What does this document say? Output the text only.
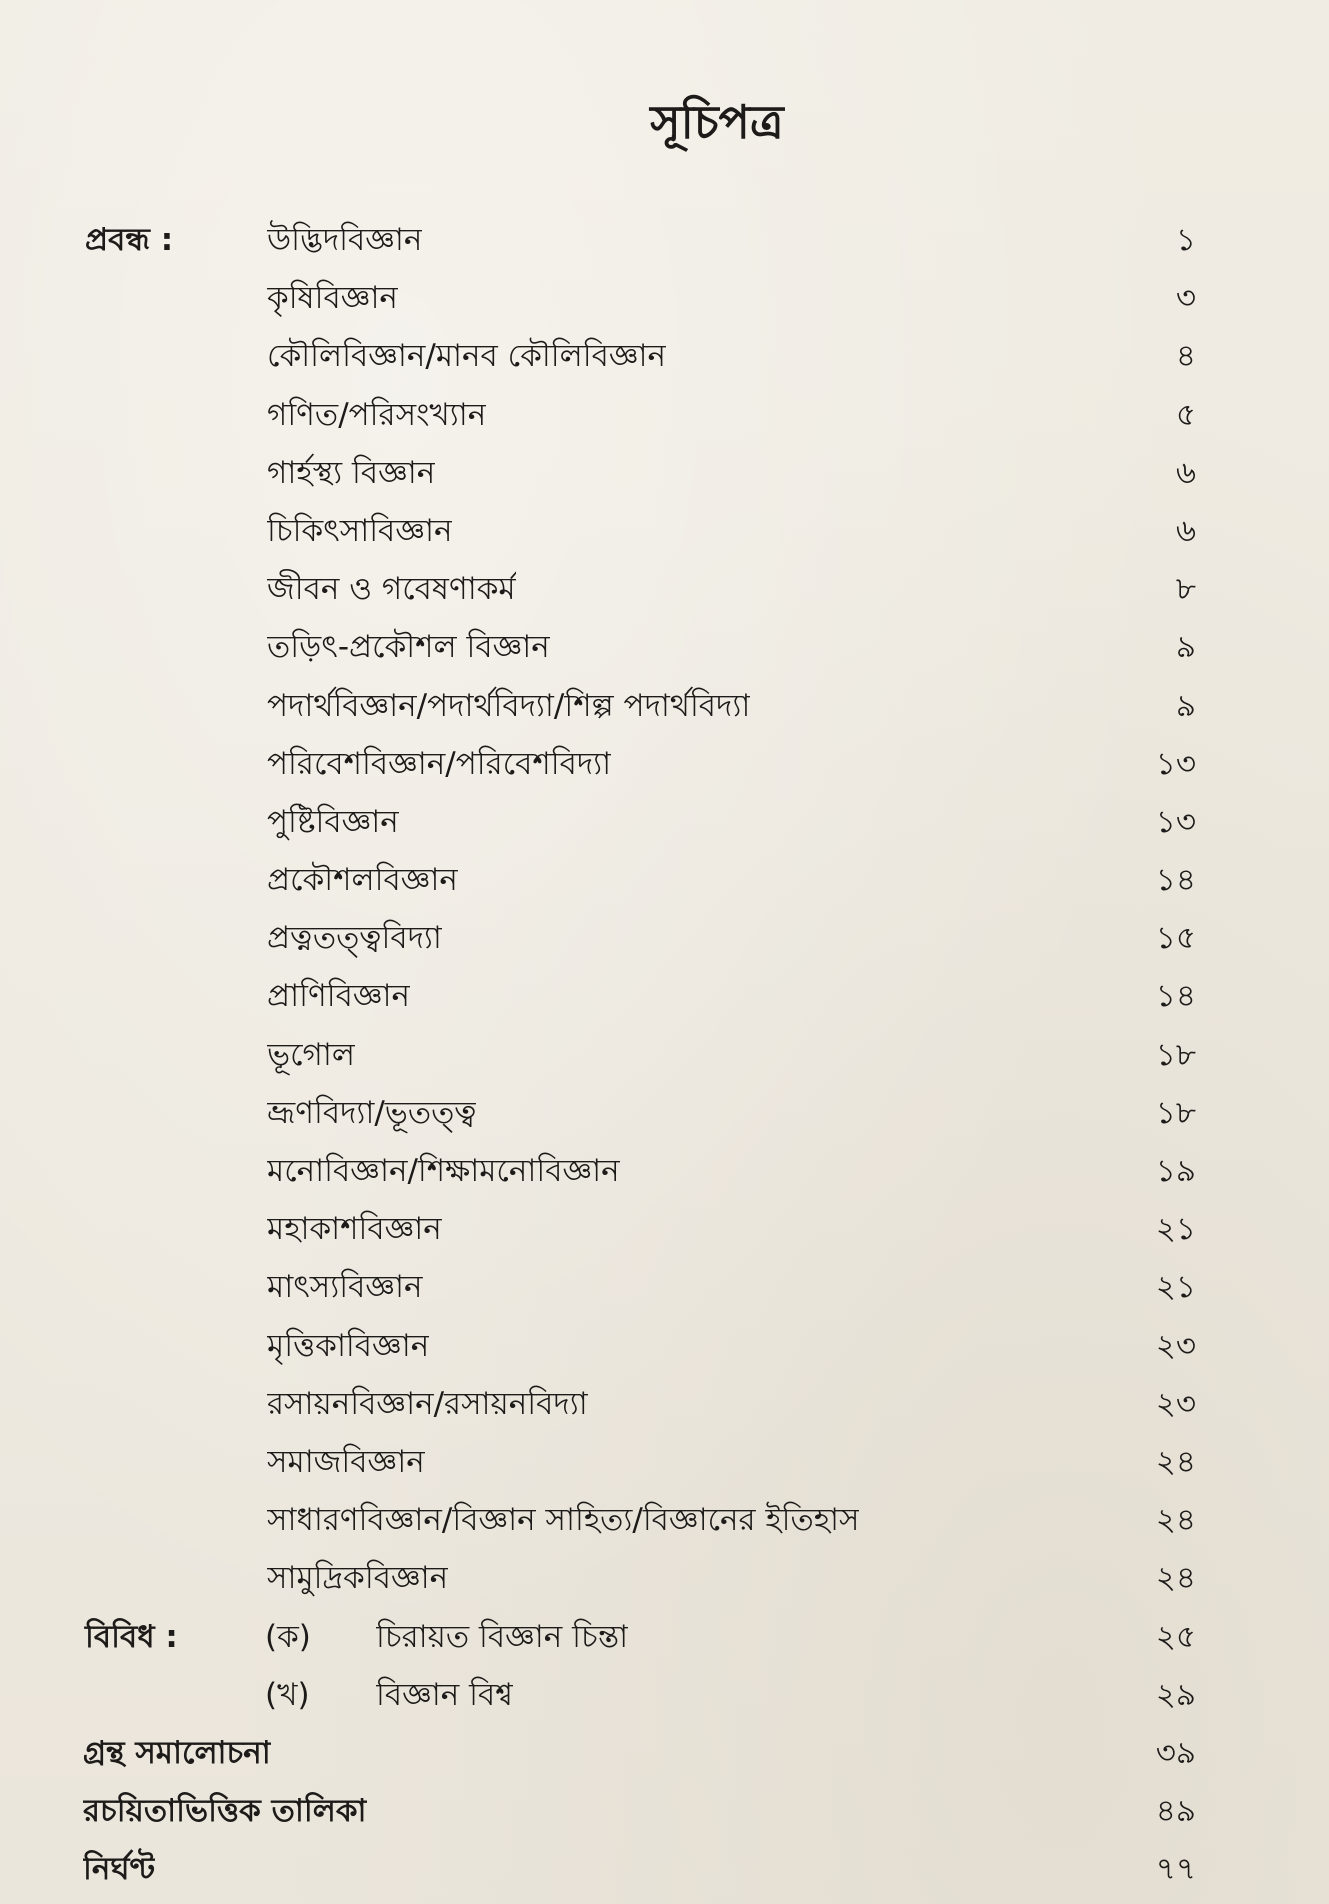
সূচিপত্র
প্রবন্ধ :	উদ্ভিদবিজ্ঞান	১
কৃষিবিজ্ঞান	৩
কৌলিবিজ্ঞান/মানব কৌলিবিজ্ঞান	৪
গণিত/পরিসংখ্যান	৫
গার্হস্থ্য বিজ্ঞান	৬
চিকিৎসাবিজ্ঞান	৬
জীবন ও গবেষণাকর্ম	৮
তড়িৎ-প্রকৌশল বিজ্ঞান	৯
পদার্থবিজ্ঞান/পদার্থবিদ্যা/শিল্প পদার্থবিদ্যা	৯
পরিবেশবিজ্ঞান/পরিবেশবিদ্যা	১৩
পুষ্টিবিজ্ঞান	১৩
প্রকৌশলবিজ্ঞান	১৪
প্রত্নতত্ত্ববিদ্যা	১৫
প্রাণিবিজ্ঞান	১৪
ভূগোল	১৮
ভ্রূণবিদ্যা/ভূতত্ত্ব	১৮
মনোবিজ্ঞান/শিক্ষামনোবিজ্ঞান	১৯
মহাকাশবিজ্ঞান	২১
মাৎস্যবিজ্ঞান	২১
মৃত্তিকাবিজ্ঞান	২৩
রসায়নবিজ্ঞান/রসায়নবিদ্যা	২৩
সমাজবিজ্ঞান	২৪
সাধারণবিজ্ঞান/বিজ্ঞান সাহিত্য/বিজ্ঞানের ইতিহাস	২৪
সামুদ্রিকবিজ্ঞান	২৪
বিবিধ :	(ক) চিরায়ত বিজ্ঞান চিন্তা	২৫
(খ) বিজ্ঞান বিশ্ব	২৯
গ্রন্থ সমালোচনা	৩৯
রচয়িতাভিত্তিক তালিকা	৪৯
নির্ঘণ্ট	৭৭
